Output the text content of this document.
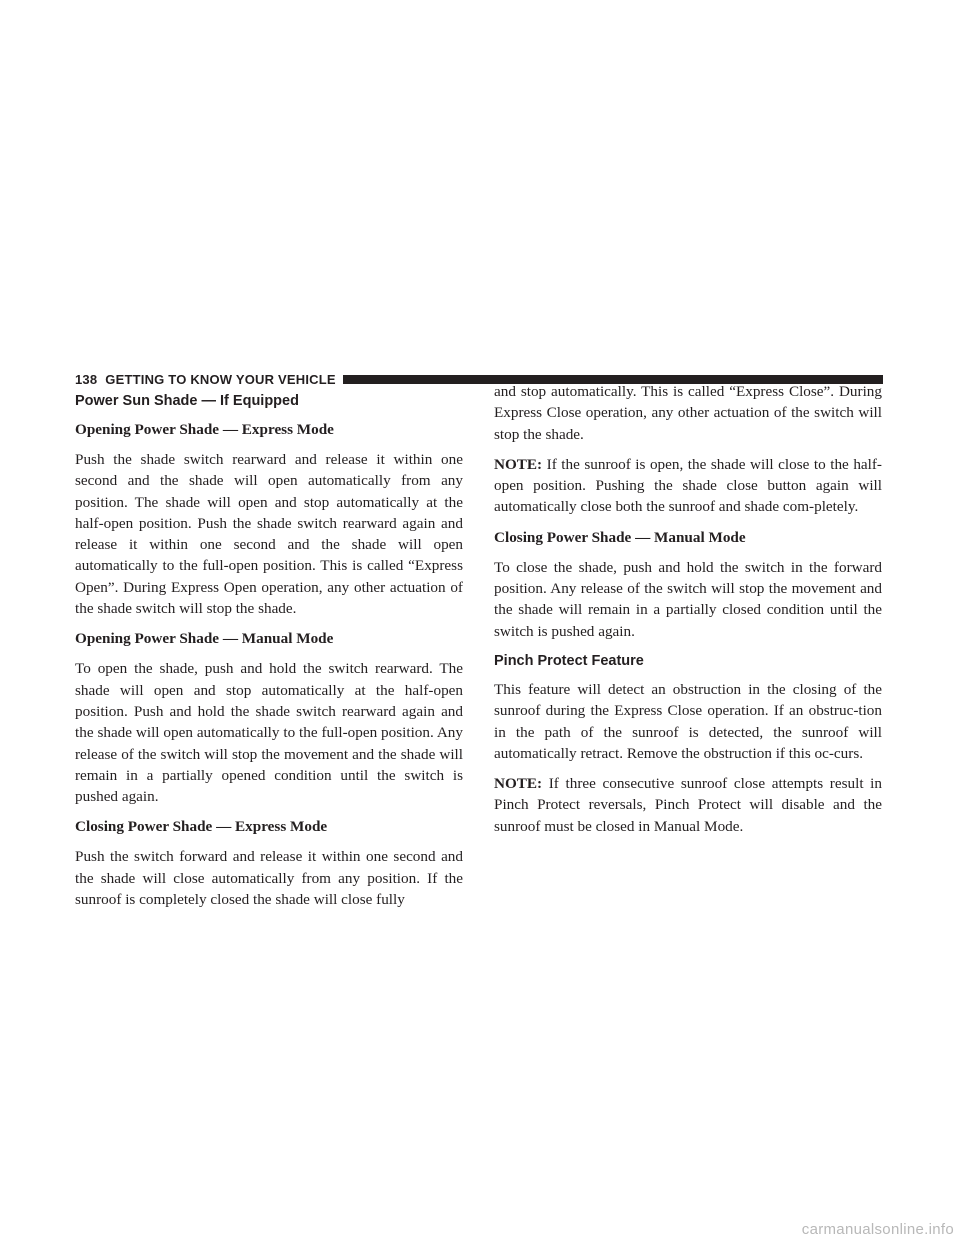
138 GETTING TO KNOW YOUR VEHICLE
Power Sun Shade — If Equipped
Opening Power Shade — Express Mode

Push the shade switch rearward and release it within one second and the shade will open automatically from any position. The shade will open and stop automatically at the half-open position. Push the shade switch rearward again and release it within one second and the shade will open automatically to the full-open position. This is called “Express Open”. During Express Open operation, any other actuation of the shade switch will stop the shade.

Opening Power Shade — Manual Mode

To open the shade, push and hold the switch rearward. The shade will open and stop automatically at the half-open position. Push and hold the shade switch rearward again and the shade will open automatically to the full-open position. Any release of the switch will stop the movement and the shade will remain in a partially opened condition until the switch is pushed again.

Closing Power Shade — Express Mode

Push the switch forward and release it within one second and the shade will close automatically from any position. If the sunroof is completely closed the shade will close fully

and stop automatically. This is called “Express Close”. During Express Close operation, any other actuation of the switch will stop the shade.

NOTE: If the sunroof is open, the shade will close to the half-open position. Pushing the shade close button again will automatically close both the sunroof and shade com-pletely.

Closing Power Shade — Manual Mode

To close the shade, push and hold the switch in the forward position. Any release of the switch will stop the movement and the shade will remain in a partially closed condition until the switch is pushed again.

Pinch Protect Feature

This feature will detect an obstruction in the closing of the sunroof during the Express Close operation. If an obstruc-tion in the path of the sunroof is detected, the sunroof will automatically retract. Remove the obstruction if this oc-curs.

NOTE: If three consecutive sunroof close attempts result in Pinch Protect reversals, Pinch Protect will disable and the sunroof must be closed in Manual Mode.

carmanualsonline.info
